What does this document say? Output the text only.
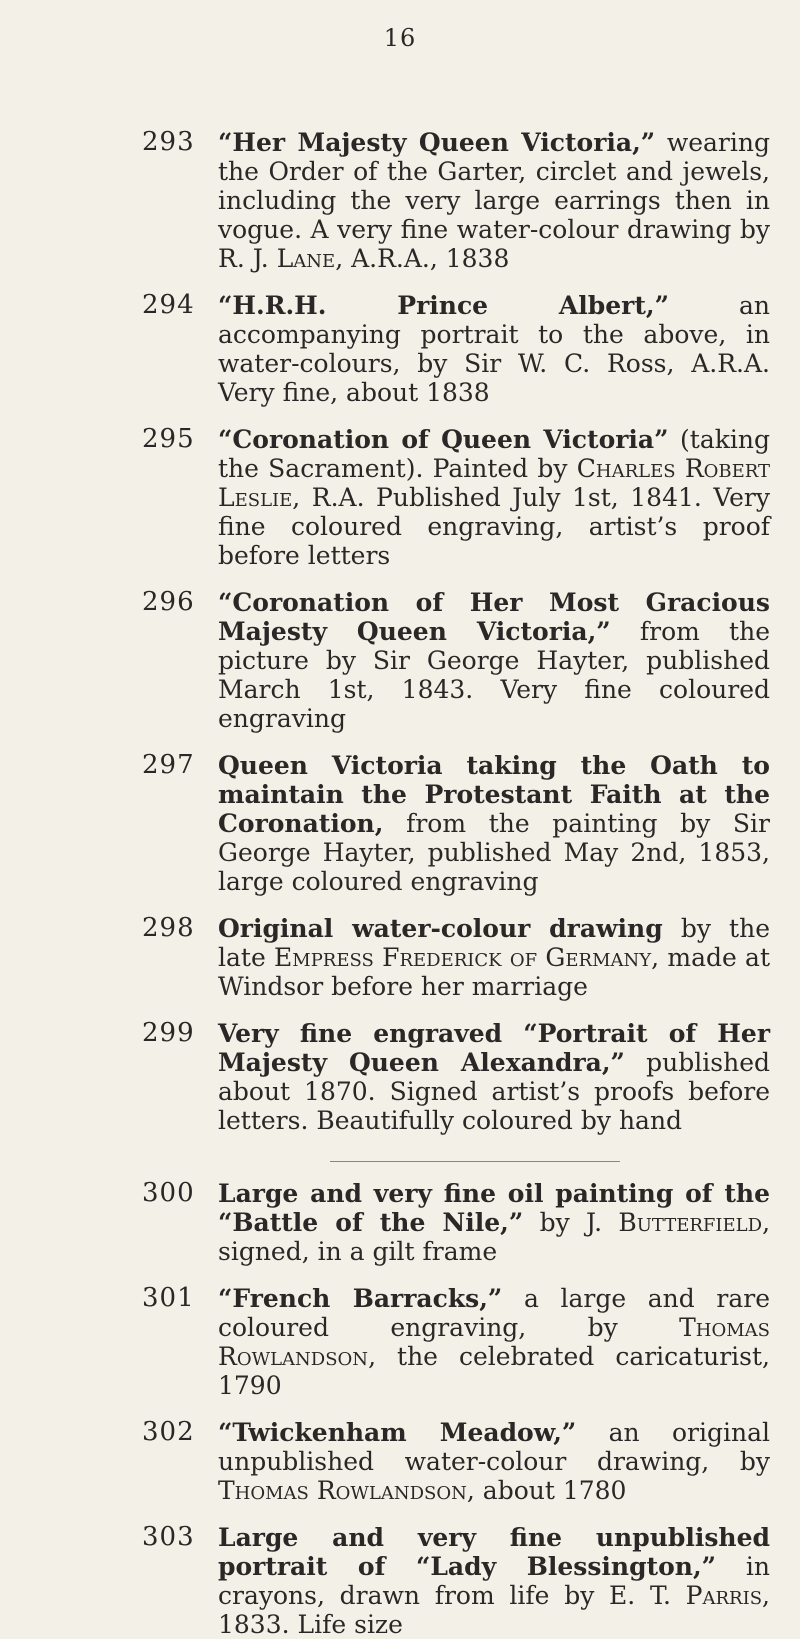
16
293 “Her Majesty Queen Victoria,” wearing the Order of the Garter, circlet and jewels, including the very large earrings then in vogue. A very fine water-colour drawing by R. J. Lane, A.R.A., 1838
294 “H.R.H. Prince Albert,” an accompanying portrait to the above, in water-colours, by Sir W. C. Ross, A.R.A. Very fine, about 1838
295 “Coronation of Queen Victoria” (taking the Sacrament). Painted by Charles Robert Leslie, R.A. Published July 1st, 1841. Very fine coloured engraving, artist’s proof before letters
296 “Coronation of Her Most Gracious Majesty Queen Victoria,” from the picture by Sir George Hayter, published March 1st, 1843. Very fine coloured engraving
297 Queen Victoria taking the Oath to maintain the Protestant Faith at the Coronation, from the painting by Sir George Hayter, published May 2nd, 1853, large coloured engraving
298 Original water-colour drawing by the late Empress Frederick of Germany, made at Windsor before her marriage
299 Very fine engraved “Portrait of Her Majesty Queen Alexandra,” published about 1870. Signed artist’s proofs before letters. Beautifully coloured by hand
300 Large and very fine oil painting of the “Battle of the Nile,” by J. Butterfield, signed, in a gilt frame
301 “French Barracks,” a large and rare coloured engraving, by Thomas Rowlandson, the celebrated caricaturist, 1790
302 “Twickenham Meadow,” an original unpublished water-colour drawing, by Thomas Rowlandson, about 1780
303 Large and very fine unpublished portrait of “Lady Blessington,” in crayons, drawn from life by E. T. Parris, 1833. Life size
